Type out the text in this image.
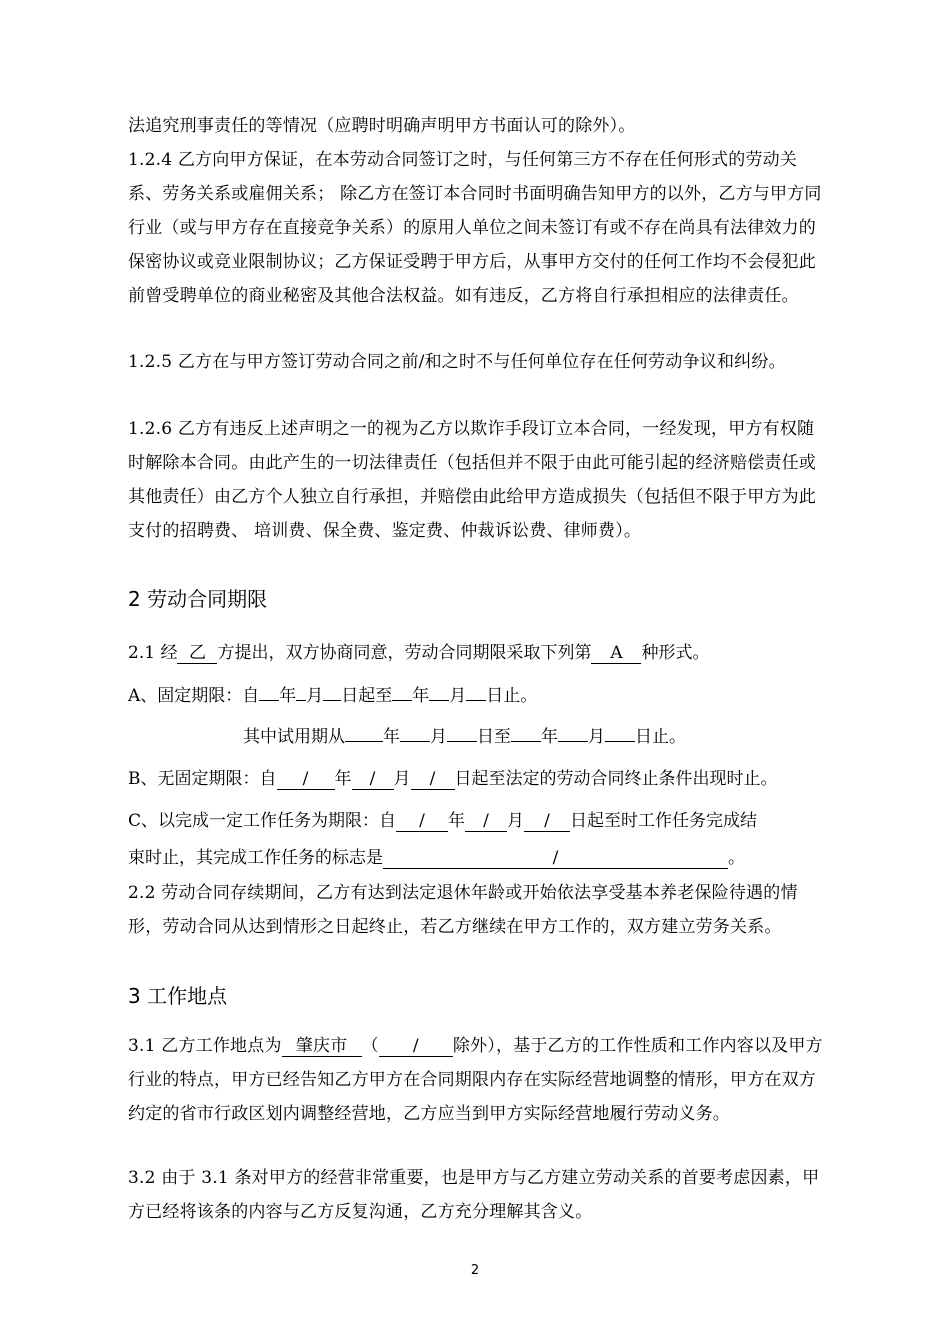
法追究刑事责任的等情况（应聘时明确声明甲方书面认可的除外）。

1.2.4 乙方向甲方保证，在本劳动合同签订之时，与任何第三方不存在任何形式的劳动关系、劳务关系或雇佣关系； 除乙方在签订本合同时书面明确告知甲方的以外，乙方与甲方同行业（或与甲方存在直接竞争关系）的原用人单位之间未签订有或不存在尚具有法律效力的保密协议或竞业限制协议；乙方保证受聘于甲方后，从事甲方交付的任何工作均不会侵犯此前曾受聘单位的商业秘密及其他合法权益。如有违反，乙方将自行承担相应的法律责任。

1.2.5 乙方在与甲方签订劳动合同之前/和之时不与任何单位存在任何劳动争议和纠纷。

1.2.6 乙方有违反上述声明之一的视为乙方以欺诈手段订立本合同，一经发现，甲方有权随时解除本合同。由此产生的一切法律责任（包括但并不限于由此可能引起的经济赔偿责任或其他责任）由乙方个人独立自行承担，并赔偿由此给甲方造成损失（包括但不限于甲方为此支付的招聘费、 培训费、保全费、鉴定费、仲裁诉讼费、律师费）。

2 劳动合同期限

2.1 经 乙 方提出，双方协商同意，劳动合同期限采取下列第 A 种形式。

A、固定期限：自 年 月 日起至 年 月 日止。

其中试用期从 年 月 日至 年 月 日止。

B、无固定期限：自 / 年 / 月 / 日起至法定的劳动合同终止条件出现时止。

C、以完成一定工作任务为期限：自 / 年 / 月 / 日起至时工作任务完成结

束时止，其完成工作任务的标志是	/	。

2.2 劳动合同存续期间，乙方有达到法定退休年龄或开始依法享受基本养老保险待遇的情形，劳动合同从达到情形之日起终止，若乙方继续在甲方工作的，双方建立劳务关系。

3 工作地点

3.1 乙方工作地点为 肇庆市 （ / 除外），基于乙方的工作性质和工作内容以及甲方行业的特点，甲方已经告知乙方甲方在合同期限内存在实际经营地调整的情形，甲方在双方约定的省市行政区划内调整经营地，乙方应当到甲方实际经营地履行劳动义务。

3.2 由于 3.1 条对甲方的经营非常重要，也是甲方与乙方建立劳动关系的首要考虑因素，甲方已经将该条的内容与乙方反复沟通，乙方充分理解其含义。

2
